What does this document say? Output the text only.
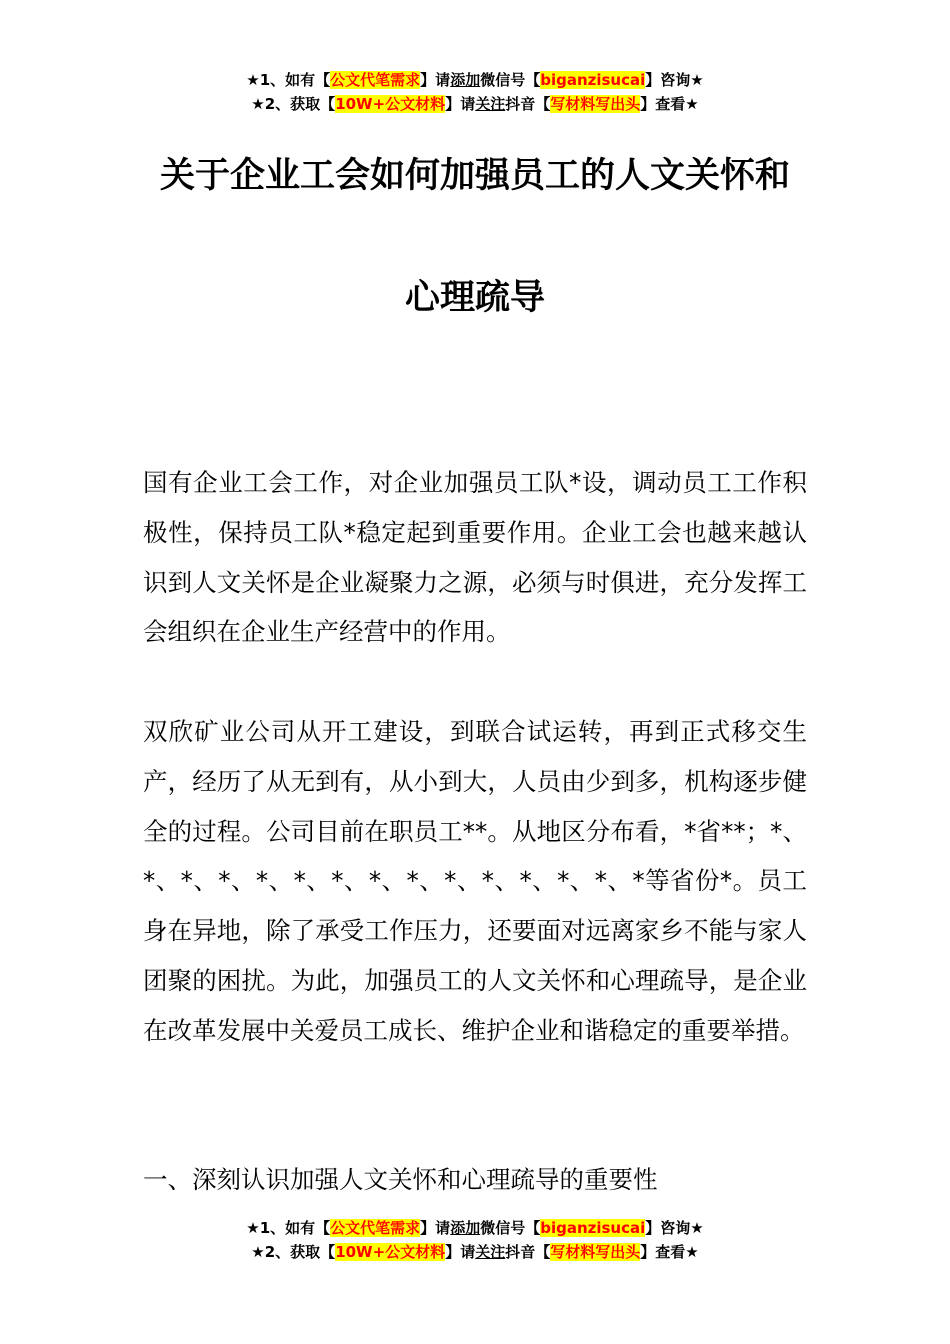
★1、如有【公文代笔需求】请添加微信号【biganzisucai】咨询★
★2、获取【10W+公文材料】请关注抖音【写材料写出头】查看★
关于企业工会如何加强员工的人文关怀和
心理疏导
国有企业工会工作，对企业加强员工队*设，调动员工工作积极性，保持员工队*稳定起到重要作用。企业工会也越来越认识到人文关怀是企业凝聚力之源，必须与时俱进，充分发挥工会组织在企业生产经营中的作用。
双欣矿业公司从开工建设，到联合试运转，再到正式移交生产，经历了从无到有，从小到大，人员由少到多，机构逐步健全的过程。公司目前在职员工**。从地区分布看，*省**；*、*、*、*、*、*、*、*、*、*、*、*、*、*、*等省份*。员工身在异地，除了承受工作压力，还要面对远离家乡不能与家人团聚的困扰。为此，加强员工的人文关怀和心理疏导，是企业在改革发展中关爱员工成长、维护企业和谐稳定的重要举措。
一、深刻认识加强人文关怀和心理疏导的重要性
★1、如有【公文代笔需求】请添加微信号【biganzisucai】咨询★
★2、获取【10W+公文材料】请关注抖音【写材料写出头】查看★
